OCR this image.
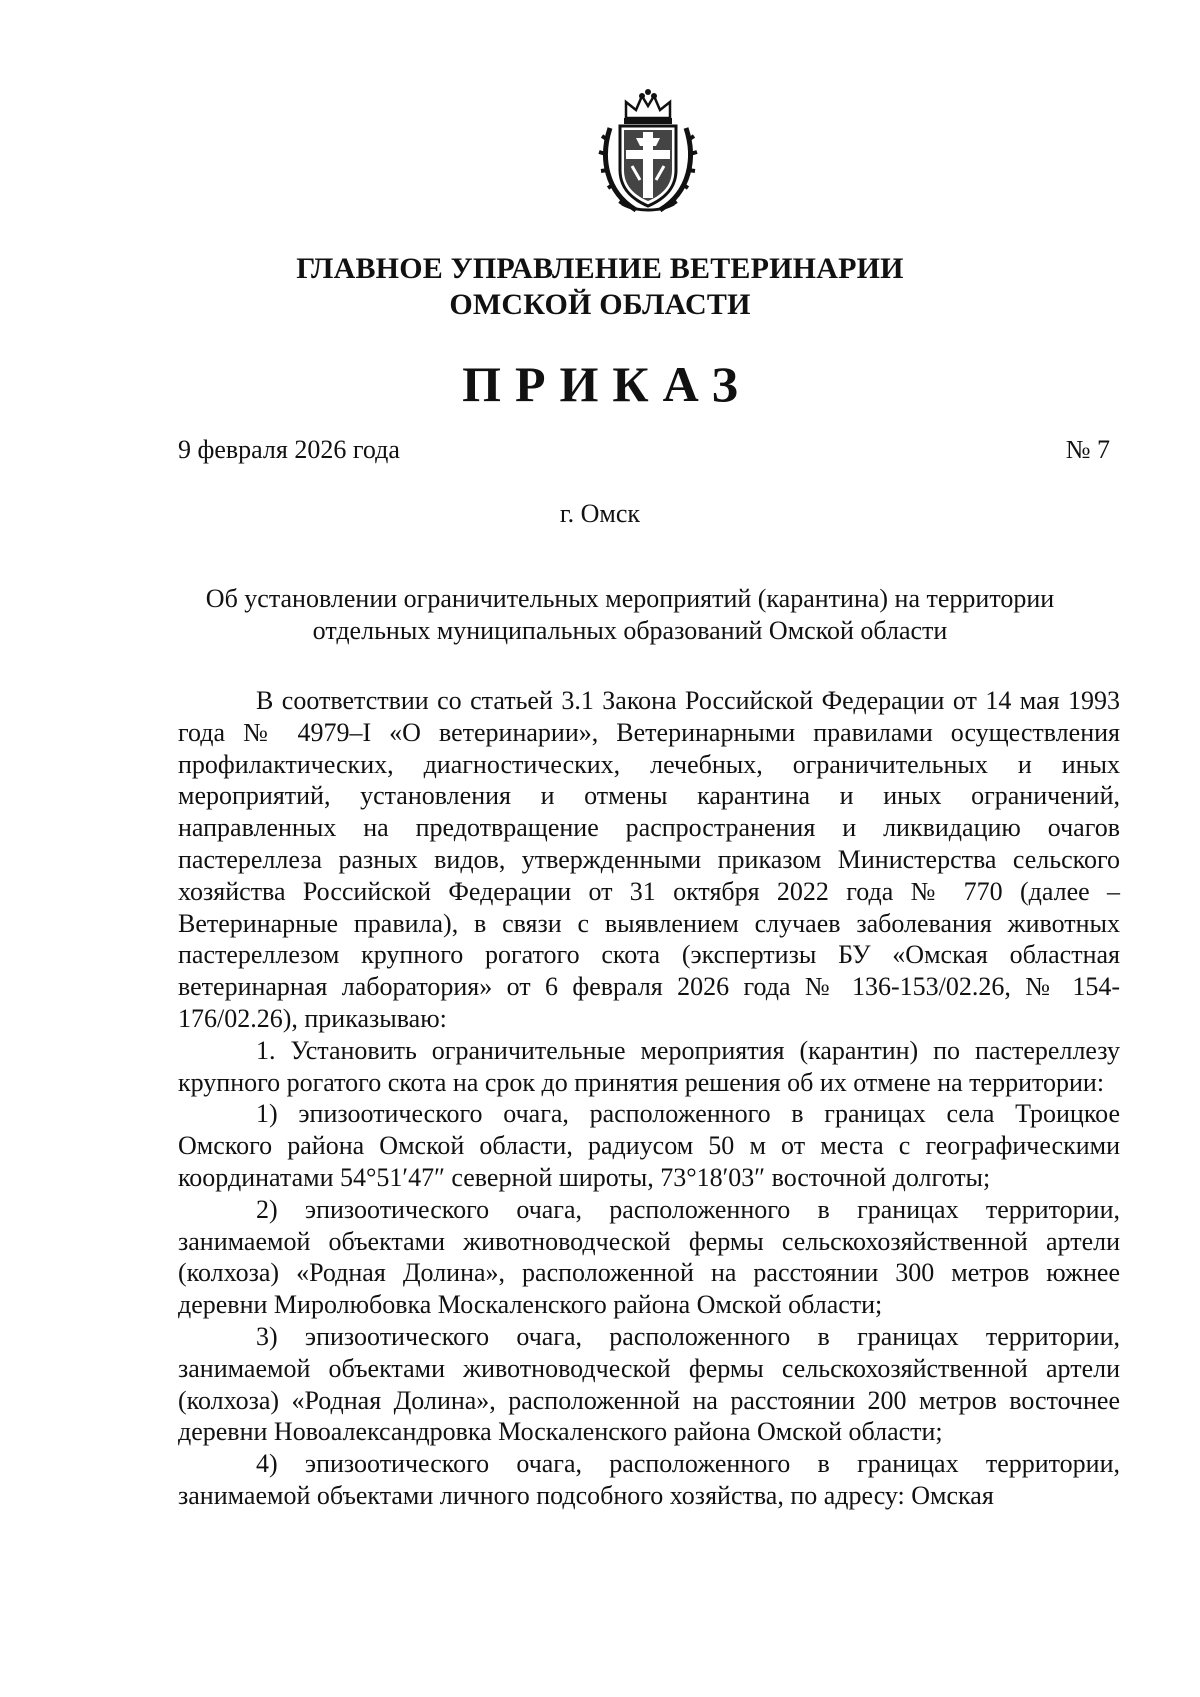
ГЛАВНОЕ УПРАВЛЕНИЕ ВЕТЕРИНАРИИ
ОМСКОЙ ОБЛАСТИ
ПРИКАЗ
9 февраля 2026 года	№ 7
г. Омск
Об установлении ограничительных мероприятий (карантина) на территории
отдельных муниципальных образований Омской области

В соответствии со статьей 3.1 Закона Российской Федерации от 14 мая 1993 года № 4979–I «О ветеринарии», Ветеринарными правилами осуществления профилактических, диагностических, лечебных, ограничительных и иных мероприятий, установления и отмены карантина и иных ограничений, направленных на предотвращение распространения и ликвидацию очагов пастереллеза разных видов, утвержденными приказом Министерства сельского хозяйства Российской Федерации от 31 октября 2022 года № 770 (далее – Ветеринарные правила), в связи с выявлением случаев заболевания животных пастереллезом крупного рогатого скота (экспертизы БУ «Омская областная ветеринарная лаборатория» от 6 февраля 2026 года № 136-153/02.26, № 154-176/02.26), приказываю:

1. Установить ограничительные мероприятия (карантин) по пастереллезу крупного рогатого скота на срок до принятия решения об их отмене на территории:

1) эпизоотического очага, расположенного в границах села Троицкое Омского района Омской области, радиусом 50 м от места с географическими координатами 54°51′47″ северной широты, 73°18′03″ восточной долготы;

2) эпизоотического очага, расположенного в границах территории, занимаемой объектами животноводческой фермы сельскохозяйственной артели (колхоза) «Родная Долина», расположенной на расстоянии 300 метров южнее деревни Миролюбовка Москаленского района Омской области;

3) эпизоотического очага, расположенного в границах территории, занимаемой объектами животноводческой фермы сельскохозяйственной артели (колхоза) «Родная Долина», расположенной на расстоянии 200 метров восточнее деревни Новоалександровка Москаленского района Омской области;

4) эпизоотического очага, расположенного в границах территории, занимаемой объектами личного подсобного хозяйства, по адресу: Омская
